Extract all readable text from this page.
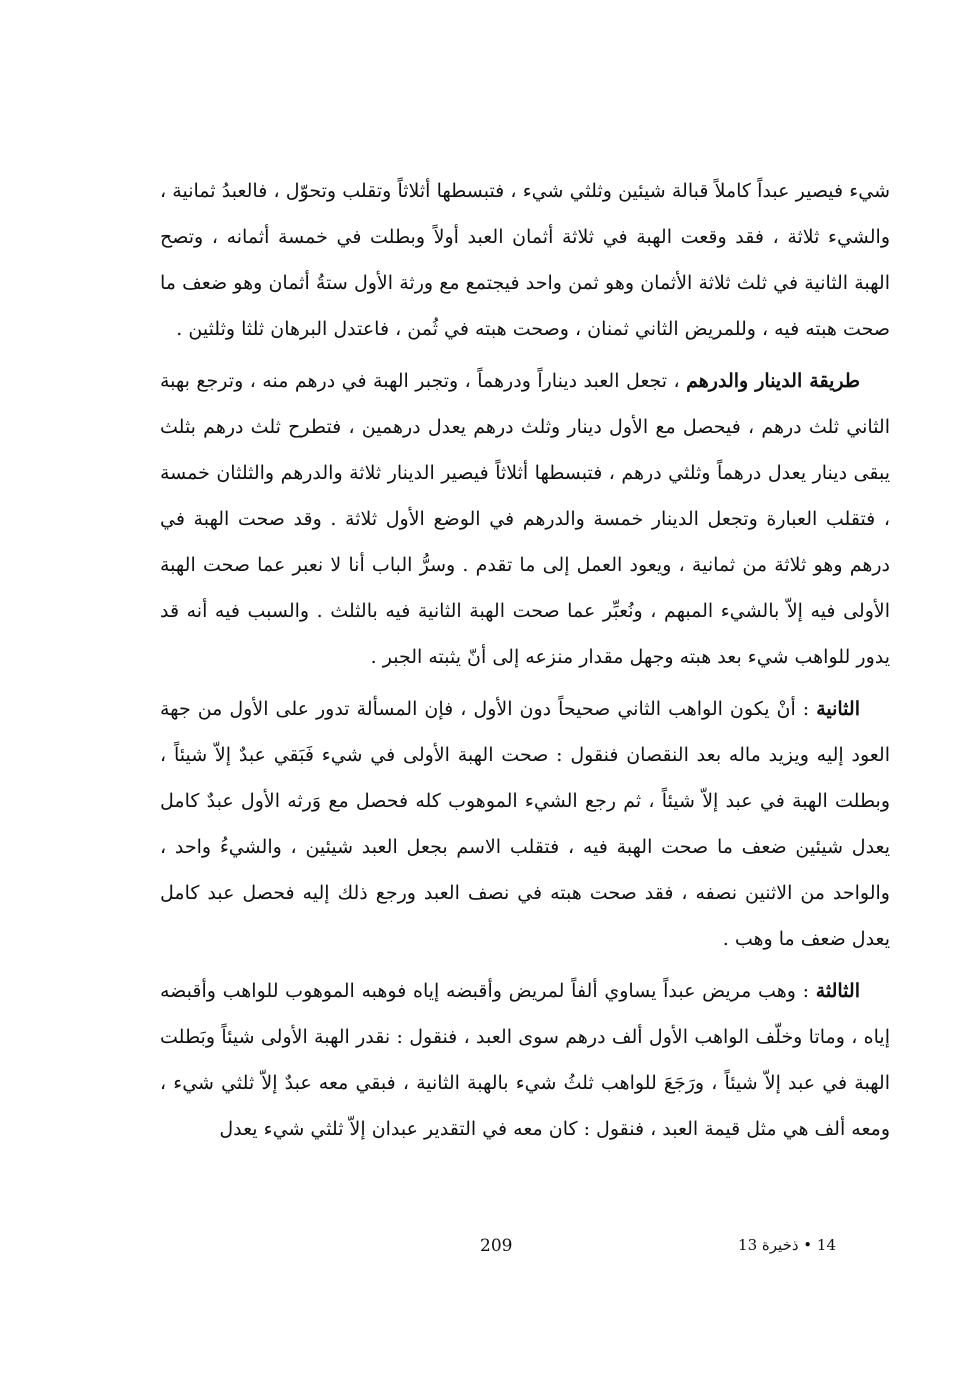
شيء فيصير عبداً كاملاً قبالة شيئين وثلثي شيء ، فتبسطها أثلاثاً وتقلب وتحوّل ، فالعبدُ ثمانية ، والشيء ثلاثة ، فقد وقعت الهبة في ثلاثة أثمان العبد أولاً وبطلت في خمسة أثمانه ، وتصح الهبة الثانية في ثلث ثلاثة الأثمان وهو ثمن واحد فيجتمع مع ورثة الأول ستةُ أثمان وهو ضعف ما صحت هبته فيه ، وللمريض الثاني ثمنان ، وصحت هبته في ثُمن ، فاعتدل البرهان ثلثا وثلثين .

طريقة الدينار والدرهم ، تجعل العبد ديناراً ودرهماً ، وتجبر الهبة في درهم منه ، وترجع بهبة الثاني ثلث درهم ، فيحصل مع الأول دينار وثلث درهم يعدل درهمين ، فتطرح ثلث درهم بثلث يبقى دينار يعدل درهماً وثلثي درهم ، فتبسطها أثلاثاً فيصير الدينار ثلاثة والدرهم والثلثان خمسة ، فتقلب العبارة وتجعل الدينار خمسة والدرهم في الوضع الأول ثلاثة . وقد صحت الهبة في درهم وهو ثلاثة من ثمانية ، ويعود العمل إلى ما تقدم . وسرُّ الباب أنا لا نعبر عما صحت الهبة الأولى فيه إلاّ بالشيء المبهم ، ونُعبِّر عما صحت الهبة الثانية فيه بالثلث . والسبب فيه أنه قد يدور للواهب شيء بعد هبته وجهل مقدار منزعه إلى أنّ يثبته الجبر .

الثانية : أنْ يكون الواهب الثاني صحيحاً دون الأول ، فإن المسألة تدور على الأول من جهة العود إليه ويزيد ماله بعد النقصان فنقول : صحت الهبة الأولى في شيء فَبَقي عبدٌ إلاّ شيئاً ، وبطلت الهبة في عبد إلاّ شيئاً ، ثم رجع الشيء الموهوب كله فحصل مع وَرثه الأول عبدٌ كامل يعدل شيئين ضعف ما صحت الهبة فيه ، فتقلب الاسم بجعل العبد شيئين ، والشيءُ واحد ، والواحد من الاثنين نصفه ، فقد صحت هبته في نصف العبد ورجع ذلك إليه فحصل عبد كامل يعدل ضعف ما وهب .

الثالثة : وهب مريض عبداً يساوي ألفاً لمريض وأقبضه إياه فوهبه الموهوب للواهب وأقبضه إياه ، وماتا وخلّف الواهب الأول ألف درهم سوى العبد ، فنقول : نقدر الهبة الأولى شيئاً وبَطلت الهبة في عبد إلاّ شيئاً ، ورَجَعَ للواهب ثلثُ شيء بالهبة الثانية ، فبقي معه عبدٌ إلاّ ثلثي شيء ، ومعه ألف هي مثل قيمة العبد ، فنقول : كان معه في التقدير عبدان إلاّ ثلثي شيء يعدل

209	14 • ذخيرة 13
